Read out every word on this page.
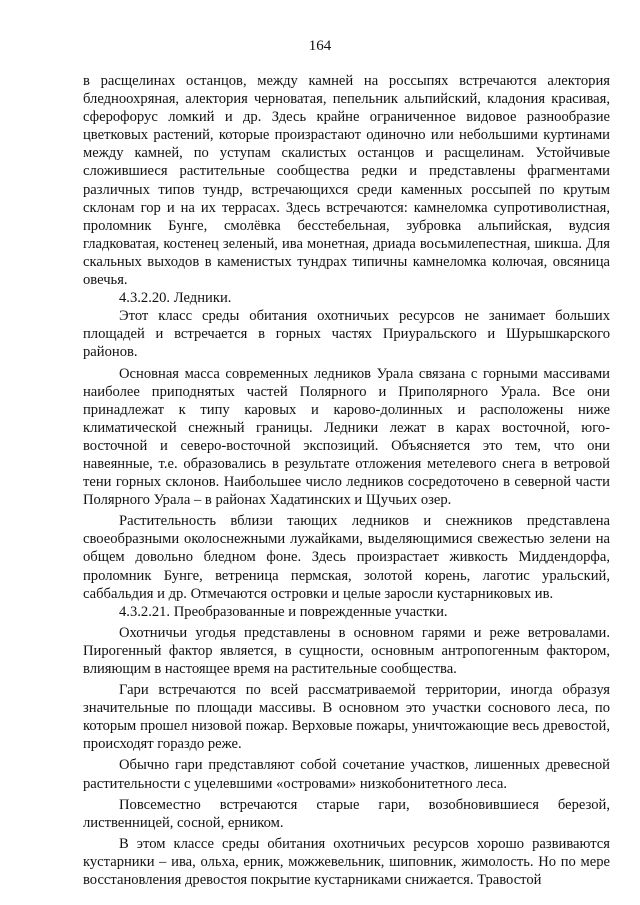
164

в расщелинах останцов, между камней на россыпях встречаются алектория бледноохряная, алектория черноватая, пепельник альпийский, кладония красивая, сферофорус ломкий и др. Здесь крайне ограниченное видовое разнообразие цветковых растений, которые произрастают одиночно или небольшими куртинами между камней, по уступам скалистых останцов и расщелинам. Устойчивые сложившиеся растительные сообщества редки и представлены фрагментами различных типов тундр, встречающихся среди каменных россыпей по крутым склонам гор и на их террасах. Здесь встречаются: камнеломка супротиволистная, проломник Бунге, смолёвка бесстебельная, зубровка альпийская, вудсия гладковатая, костенец зеленый, ива монетная, дриада восьмилепестная, шикша. Для скальных выходов в каменистых тундрах типичны камнеломка колючая, овсяница овечья.

4.3.2.20. Ледники.

Этот класс среды обитания охотничьих ресурсов не занимает больших площадей и встречается в горных частях Приуральского и Шурышкарского районов.

Основная масса современных ледников Урала связана с горными массивами наиболее приподнятых частей Полярного и Приполярного Урала. Все они принадлежат к типу каровых и карово-долинных и расположены ниже климатической снежный границы. Ледники лежат в карах восточной, юго-восточной и северо-восточной экспозиций. Объясняется это тем, что они навеянные, т.е. образовались в результате отложения метелевого снега в ветровой тени горных склонов. Наибольшее число ледников сосредоточено в северной части Полярного Урала – в районах Хадатинских и Щучьих озер.

Растительность вблизи тающих ледников и снежников представлена своеобразными околоснежными лужайками, выделяющимися свежестью зелени на общем довольно бледном фоне. Здесь произрастает живкость Миддендорфа, проломник Бунге, ветреница пермская, золотой корень, лаготис уральский, саббальдия и др. Отмечаются островки и целые заросли кустарниковых ив.

4.3.2.21. Преобразованные и поврежденные участки.

Охотничьи угодья представлены в основном гарями и реже ветровалами. Пирогенный фактор является, в сущности, основным антропогенным фактором, влияющим в настоящее время на растительные сообщества.

Гари встречаются по всей рассматриваемой территории, иногда образуя значительные по площади массивы. В основном это участки соснового леса, по которым прошел низовой пожар. Верховые пожары, уничтожающие весь древостой, происходят гораздо реже.

Обычно гари представляют собой сочетание участков, лишенных древесной растительности с уцелевшими «островами» низкобонитетного леса.

Повсеместно встречаются старые гари, возобновившиеся березой, лиственницей, сосной, ерником.

В этом классе среды обитания охотничьих ресурсов хорошо развиваются кустарники – ива, ольха, ерник, можжевельник, шиповник, жимолость. Но по мере восстановления древостоя покрытие кустарниками снижается. Травостой
